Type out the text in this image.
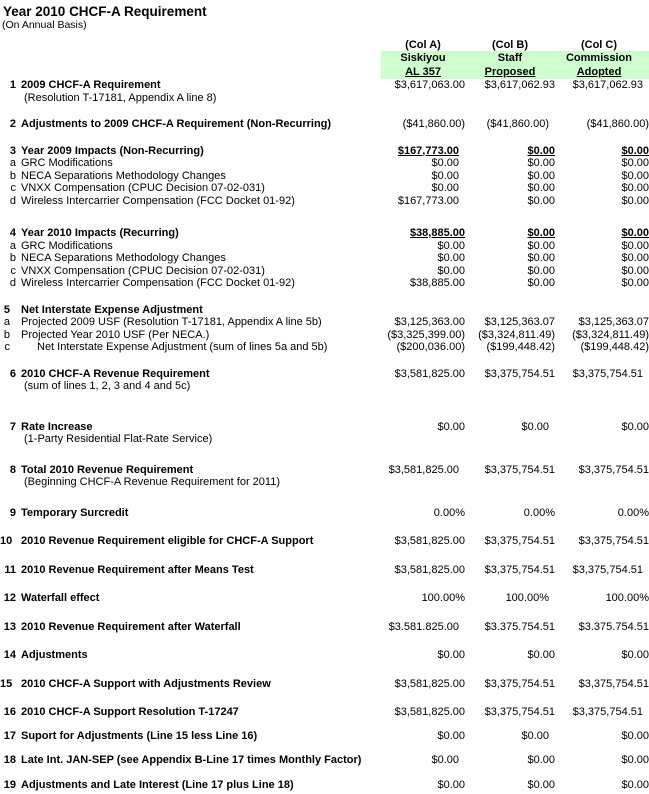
Year 2010 CHCF-A Requirement
(On Annual Basis)
(Col A)	(Col B)	(Col C)
Siskiyou	Staff	Commission
AL 357	Proposed	Adopted
1 2009 CHCF-A Requirement	$3,617,063.00	$3,617,062.93	$3,617,062.93
(Resolution T-17181, Appendix A line 8)
2 Adjustments to 2009 CHCF-A Requirement (Non-Recurring)	($41,860.00)	($41,860.00)	($41,860.00)
3 Year 2009 Impacts (Non-Recurring)	$167,773.00	$0.00	$0.00
a GRC Modifications	$0.00	$0.00	$0.00
b NECA Separations Methodology Changes	$0.00	$0.00	$0.00
c VNXX Compensation (CPUC Decision 07-02-031)	$0.00	$0.00	$0.00
d Wireless Intercarrier Compensation (FCC Docket 01-92)	$167,773.00	$0.00	$0.00
4 Year 2010 Impacts (Recurring)	$38,885.00	$0.00	$0.00
a GRC Modifications	$0.00	$0.00	$0.00
b NECA Separations Methodology Changes	$0.00	$0.00	$0.00
c VNXX Compensation (CPUC Decision 07-02-031)	$0.00	$0.00	$0.00
d Wireless Intercarrier Compensation (FCC Docket 01-92)	$38,885.00	$0.00	$0.00
5	Net Interstate Expense Adjustment
a	Projected 2009 USF (Resolution T-17181, Appendix A line 5b)	$3,125,363.00	$3,125,363.07	$3,125,363.07
b	Projected Year 2010 USF (Per NECA.)	($3,325,399.00)	($3,324,811.49)	($3,324,811.49)
c	Net Interstate Expense Adjustment (sum of lines 5a and 5b)	($200,036.00)	($199,448.42)	($199,448.42)
6 2010 CHCF-A Revenue Requirement	$3,581,825.00	$3,375,754.51	$3,375,754.51
(sum of lines 1, 2, 3 and 4 and 5c)
7 Rate Increase	$0.00	$0.00	$0.00
(1-Party Residential Flat-Rate Service)
8 Total 2010 Revenue Requirement	$3,581,825.00	$3,375,754.51	$3,375,754.51
(Beginning CHCF-A Revenue Requirement for 2011)
9 Temporary Surcredit	0.00%	0.00%	0.00%
10 2010 Revenue Requirement eligible for CHCF-A Support	$3,581,825.00	$3,375,754.51	$3,375,754.51
11 2010 Revenue Requirement after Means Test	$3,581,825.00	$3,375,754.51	$3,375,754.51
12 Waterfall effect	100.00%	100.00%	100.00%
13 2010 Revenue Requirement after Waterfall	$3.581.825.00	$3.375.754.51	$3.375.754.51
14 Adjustments	$0.00	$0.00	$0.00
15 2010 CHCF-A Support with Adjustments Review	$3,581,825.00	$3,375,754.51	$3,375,754.51
16 2010 CHCF-A Support Resolution T-17247	$3,581,825.00	$3,375,754.51	$3,375,754.51
17 Suport for Adjustments (Line 15 less Line 16)	$0.00	$0.00	$0.00
18 Late Int. JAN-SEP (see Appendix B-Line 17 times Monthly Factor)	$0.00	$0.00	$0.00
19 Adjustments and Late Interest (Line 17 plus Line 18)	$0.00	$0.00	$0.00
